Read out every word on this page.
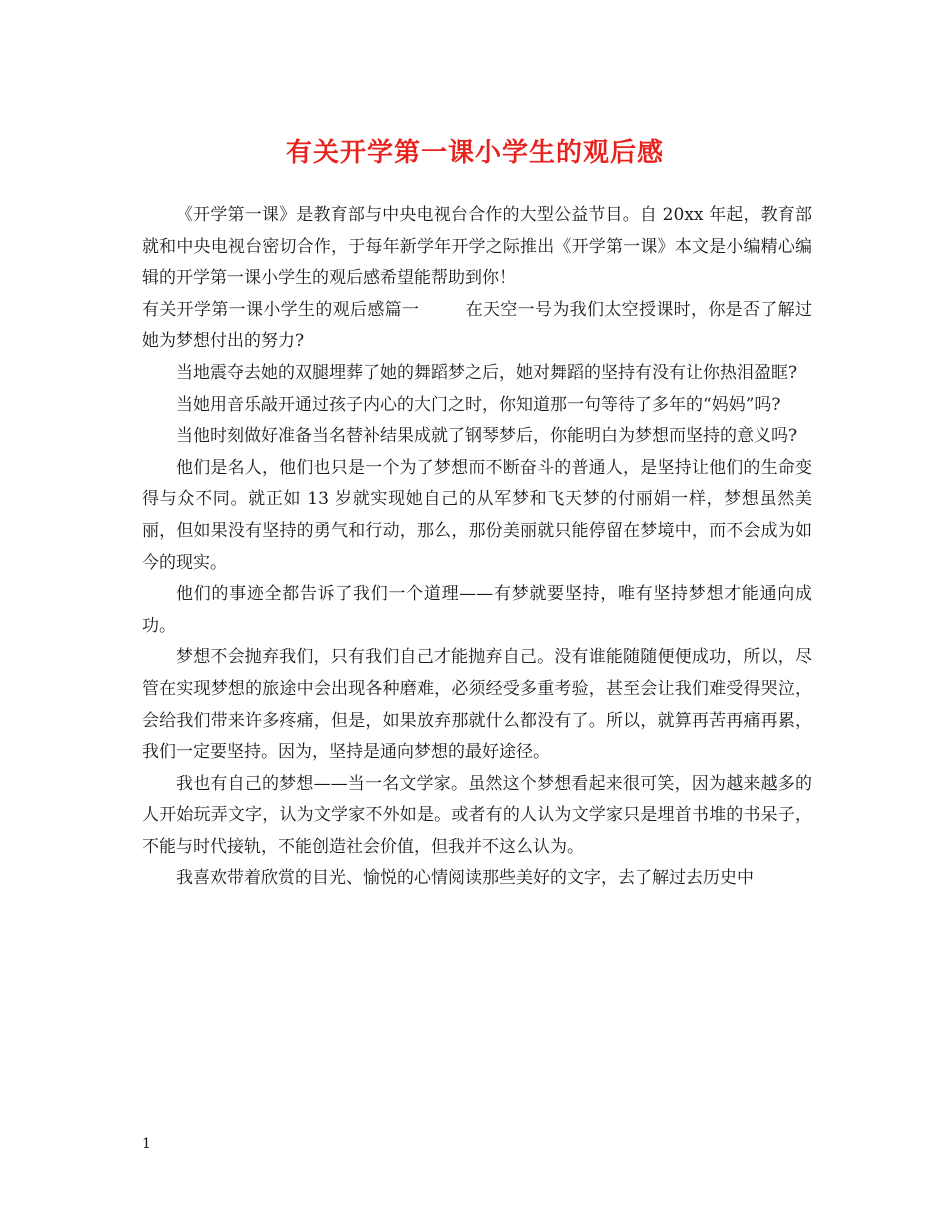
有关开学第一课小学生的观后感

《开学第一课》是教育部与中央电视台合作的大型公益节目。自 20xx 年起，教育部就和中央电视台密切合作，于每年新学年开学之际推出《开学第一课》本文是小编精心编辑的开学第一课小学生的观后感希望能帮助到你！

有关开学第一课小学生的观后感篇一	在天空一号为我们太空授课时，你是否了解过她为梦想付出的努力?

当地震夺去她的双腿埋葬了她的舞蹈梦之后，她对舞蹈的坚持有没有让你热泪盈眶?

当她用音乐敲开通过孩子内心的大门之时，你知道那一句等待了多年的“妈妈”吗?

当他时刻做好准备当名替补结果成就了钢琴梦后，你能明白为梦想而坚持的意义吗?

他们是名人，他们也只是一个为了梦想而不断奋斗的普通人，是坚持让他们的生命变得与众不同。就正如 13 岁就实现她自己的从军梦和飞天梦的付丽娟一样，梦想虽然美丽，但如果没有坚持的勇气和行动，那么，那份美丽就只能停留在梦境中，而不会成为如今的现实。

他们的事迹全都告诉了我们一个道理——有梦就要坚持，唯有坚持梦想才能通向成功。

梦想不会抛弃我们，只有我们自己才能抛弃自己。没有谁能随随便便成功，所以，尽管在实现梦想的旅途中会出现各种磨难，必须经受多重考验，甚至会让我们难受得哭泣，会给我们带来许多疼痛，但是，如果放弃那就什么都没有了。所以，就算再苦再痛再累，我们一定要坚持。因为，坚持是通向梦想的最好途径。

我也有自己的梦想——当一名文学家。虽然这个梦想看起来很可笑，因为越来越多的人开始玩弄文字，认为文学家不外如是。或者有的人认为文学家只是埋首书堆的书呆子，不能与时代接轨，不能创造社会价值，但我并不这么认为。

我喜欢带着欣赏的目光、愉悦的心情阅读那些美好的文字，去了解过去历史中

1
